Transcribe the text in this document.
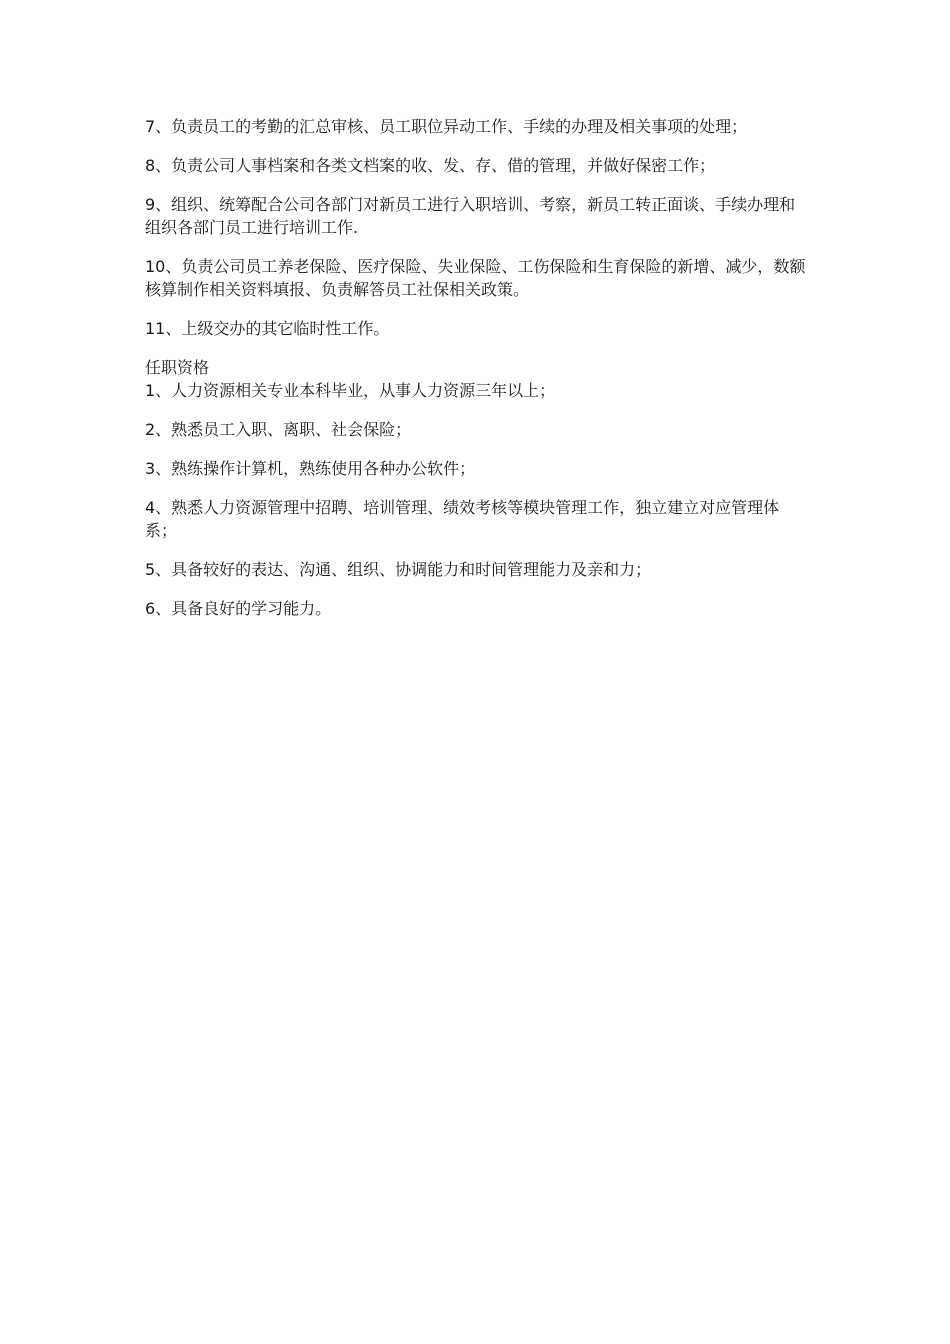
7、负责员工的考勤的汇总审核、员工职位异动工作、手续的办理及相关事项的处理；

8、负责公司人事档案和各类文档案的收、发、存、借的管理，并做好保密工作；

9、组织、统筹配合公司各部门对新员工进行入职培训、考察，新员工转正面谈、手续办理和组织各部门员工进行培训工作.

10、负责公司员工养老保险、医疗保险、失业保险、工伤保险和生育保险的新增、减少，数额核算制作相关资料填报、负责解答员工社保相关政策。

11、上级交办的其它临时性工作。

任职资格

1、人力资源相关专业本科毕业，从事人力资源三年以上；

2、熟悉员工入职、离职、社会保险；

3、熟练操作计算机，熟练使用各种办公软件；

4、熟悉人力资源管理中招聘、培训管理、绩效考核等模块管理工作，独立建立对应管理体系；

5、具备较好的表达、沟通、组织、协调能力和时间管理能力及亲和力；

6、具备良好的学习能力。
